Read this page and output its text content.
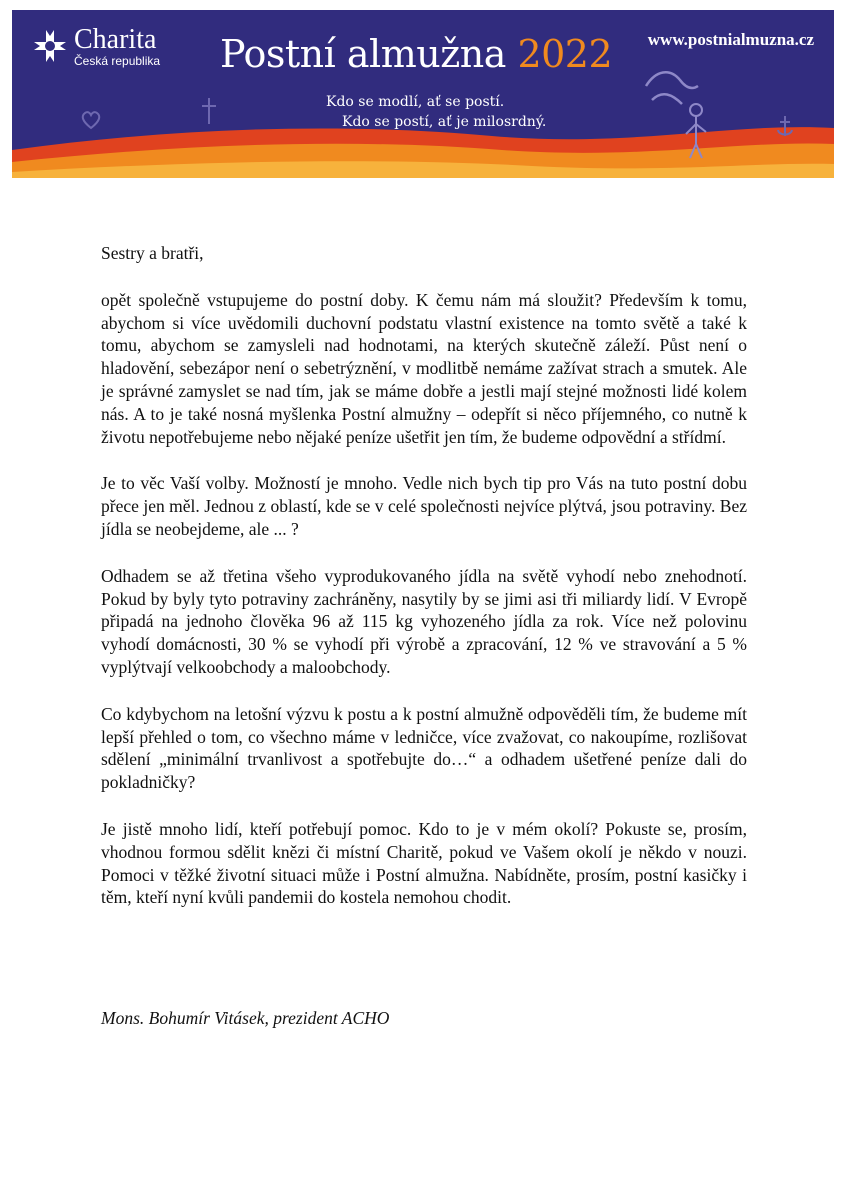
Charita
Česká republika Postní almužna 2022 www.postnialmuzna.cz
Kdo se modlí, ať se postí.
Kdo se postí, ať je milosrdný.

Sestry a bratři,

opět společně vstupujeme do postní doby. K čemu nám má sloužit? Především k tomu, abychom si více uvědomili duchovní podstatu vlastní existence na tomto světě a také k tomu, abychom se zamysleli nad hodnotami, na kterých skutečně záleží. Půst není o hladovění, sebezápor není o sebetrýznění, v modlitbě nemáme zažívat strach a smutek. Ale je správné zamyslet se nad tím, jak se máme dobře a jestli mají stejné možnosti lidé kolem nás. A to je také nosná myšlenka Postní almužny – odepřít si něco příjemného, co nutně k životu nepotřebujeme nebo nějaké peníze ušetřit jen tím, že budeme odpovědní a střídmí.

Je to věc Vaší volby. Možností je mnoho. Vedle nich bych tip pro Vás na tuto postní dobu přece jen měl. Jednou z oblastí, kde se v celé společnosti nejvíce plýtvá, jsou potraviny. Bez jídla se neobejdeme, ale ... ?

Odhadem se až třetina všeho vyprodukovaného jídla na světě vyhodí nebo znehodnotí. Pokud by byly tyto potraviny zachráněny, nasytily by se jimi asi tři miliardy lidí. V Evropě připadá na jednoho člověka 96 až 115 kg vyhozeného jídla za rok. Více než polovinu vyhodí domácnosti, 30 % se vyhodí při výrobě a zpracování, 12 % ve stravování a 5 % vyplýtvají velkoobchody a maloobchody.

Co kdybychom na letošní výzvu k postu a k postní almužně odpověděli tím, že budeme mít lepší přehled o tom, co všechno máme v ledničce, více zvažovat, co nakoupíme, rozlišovat sdělení „minimální trvanlivost a spotřebujte do…“ a odhadem ušetřené peníze dali do pokladničky?

Je jistě mnoho lidí, kteří potřebují pomoc. Kdo to je v mém okolí? Pokuste se, prosím, vhodnou formou sdělit knězi či místní Charitě, pokud ve Vašem okolí je někdo v nouzi. Pomoci v těžké životní situaci může i Postní almužna. Nabídněte, prosím, postní kasičky i těm, kteří nyní kvůli pandemii do kostela nemohou chodit.

Mons. Bohumír Vitásek, prezident ACHO
